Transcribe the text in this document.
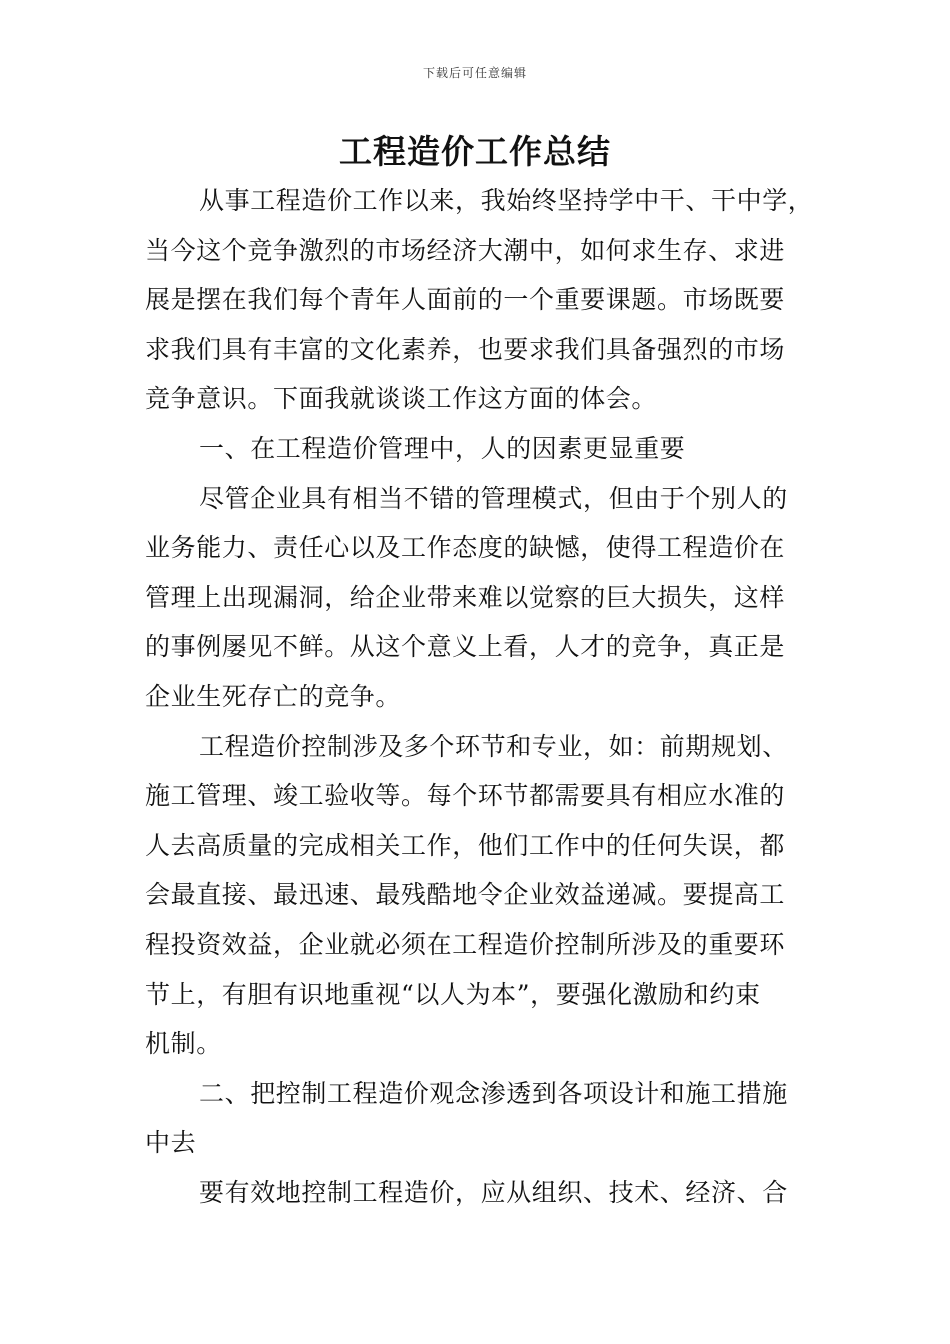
下载后可任意编辑
工程造价工作总结
从事工程造价工作以来，我始终坚持学中干、干中学，
当今这个竞争激烈的市场经济大潮中，如何求生存、求进
展是摆在我们每个青年人面前的一个重要课题。市场既要
求我们具有丰富的文化素养，也要求我们具备强烈的市场
竞争意识。下面我就谈谈工作这方面的体会。
一、在工程造价管理中，人的因素更显重要
尽管企业具有相当不错的管理模式，但由于个别人的
业务能力、责任心以及工作态度的缺憾，使得工程造价在
管理上出现漏洞，给企业带来难以觉察的巨大损失，这样
的事例屡见不鲜。从这个意义上看，人才的竞争，真正是
企业生死存亡的竞争。
工程造价控制涉及多个环节和专业，如：前期规划、
施工管理、竣工验收等。每个环节都需要具有相应水准的
人去高质量的完成相关工作，他们工作中的任何失误，都
会最直接、最迅速、最残酷地令企业效益递减。要提高工
程投资效益，企业就必须在工程造价控制所涉及的重要环
节上，有胆有识地重视“以人为本”，要强化激励和约束
机制。
二、把控制工程造价观念渗透到各项设计和施工措施
中去
要有效地控制工程造价，应从组织、技术、经济、合
